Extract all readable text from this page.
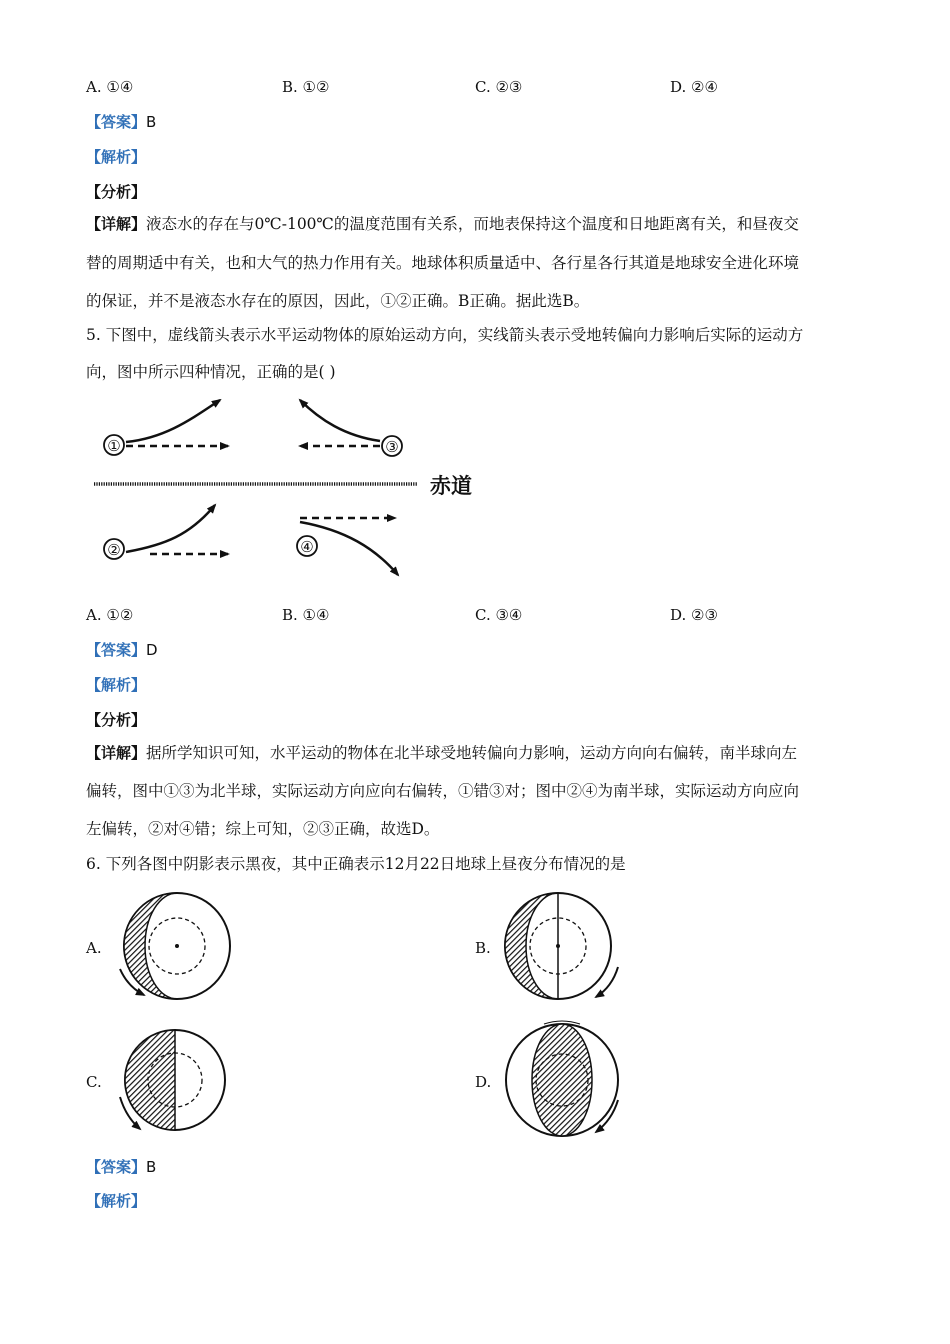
A. ①④	B. ①②	C. ②③	D. ②④
【答案】B
【解析】
【分析】
【详解】液态水的存在与0℃-100℃的温度范围有关系，而地表保持这个温度和日地距离有关，和昼夜交
替的周期适中有关，也和大气的热力作用有关。地球体积质量适中、各行星各行其道是地球安全进化环境
的保证，并不是液态水存在的原因，因此，①②正确。B正确。据此选B。
5. 下图中，虚线箭头表示水平运动物体的原始运动方向，实线箭头表示受地转偏向力影响后实际的运动方
向，图中所示四种情况，正确的是( )
赤道
①	③
②	④
A. ①②	B. ①④	C. ③④	D. ②③
【答案】D
【解析】
【分析】
【详解】据所学知识可知，水平运动的物体在北半球受地转偏向力影响，运动方向向右偏转，南半球向左
偏转，图中①③为北半球，实际运动方向应向右偏转，①错③对；图中②④为南半球，实际运动方向应向
左偏转，②对④错；综上可知，②③正确，故选D。
6. 下列各图中阴影表示黑夜，其中正确表示12月22日地球上昼夜分布情况的是
A.	B.
C.	D.
【答案】B
【解析】
